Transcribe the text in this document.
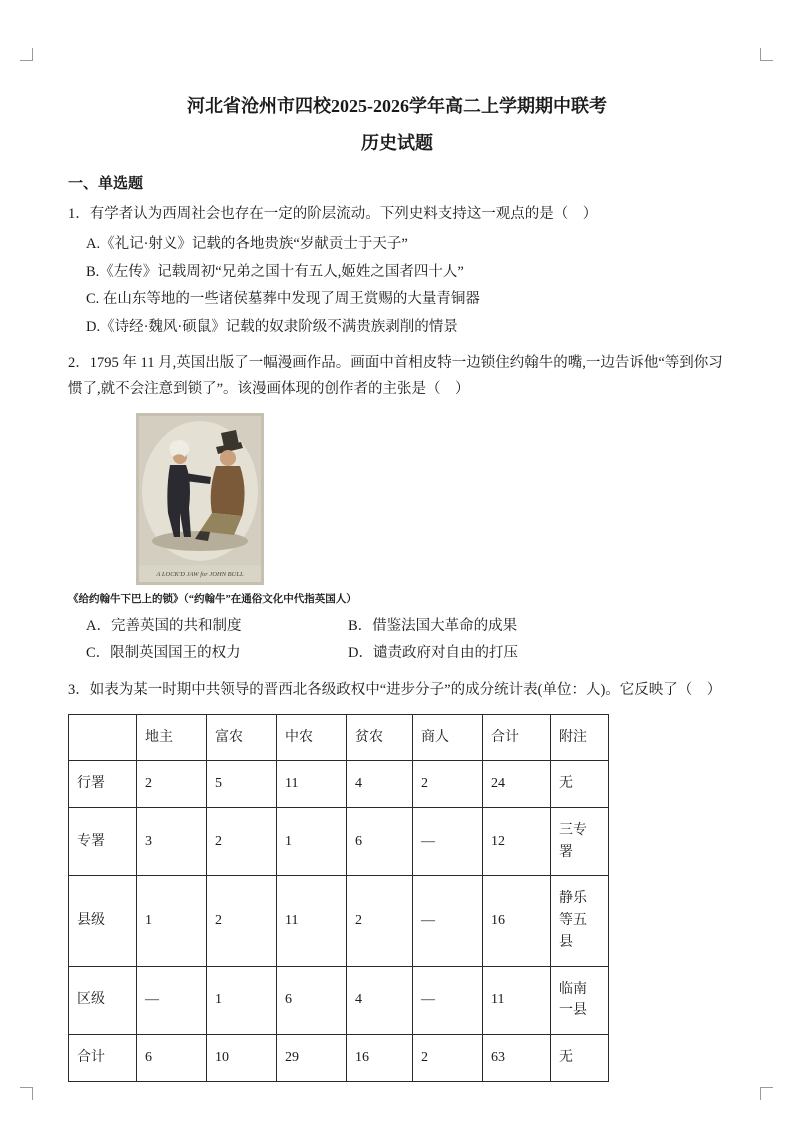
河北省沧州市四校2025-2026学年高二上学期期中联考
历史试题
一、单选题

1．有学者认为西周社会也存在一定的阶层流动。下列史料支持这一观点的是（　）

A.《礼记·射义》记载的各地贵族“岁献贡士于天子”

B.《左传》记载周初“兄弟之国十有五人,姬姓之国者四十人”

C. 在山东等地的一些诸侯墓葬中发现了周王赏赐的大量青铜器

D.《诗经·魏风·硕鼠》记载的奴隶阶级不满贵族剥削的情景

2．1795 年 11 月,英国出版了一幅漫画作品。画面中首相皮特一边锁住约翰牛的嘴,一边告诉他“等到你习惯了,就不会注意到锁了”。该漫画体现的创作者的主张是（　）

A LOCK'D JAW for JOHN BULL

《给约翰牛下巴上的锁》（“约翰牛”在通俗文化中代指英国人）

A．完善英国的共和制度	B．借鉴法国大革命的成果

C．限制英国国王的权力	D．谴责政府对自由的打压

3．如表为某一时期中共领导的晋西北各级政权中“进步分子”的成分统计表(单位：人)。它反映了（　）

	地主	富农	中农	贫农	商人	合计	附注
行署	2	5	11	4	2	24	无
专署	3	2	1	6	—	12	三专署
县级	1	2	11	2	—	16	静乐等五县
区级	—	1	6	4	—	11	临南一县
合计	6	10	29	16	2	63	无
